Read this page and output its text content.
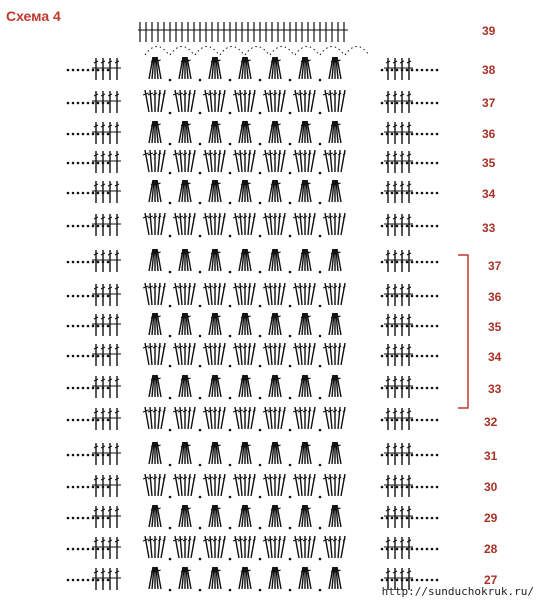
Схема 4
39
38
37
36
35
34
33
37
36
35
34
33
32
31
30
29
28
27
http://sunduchokruk.ru/
